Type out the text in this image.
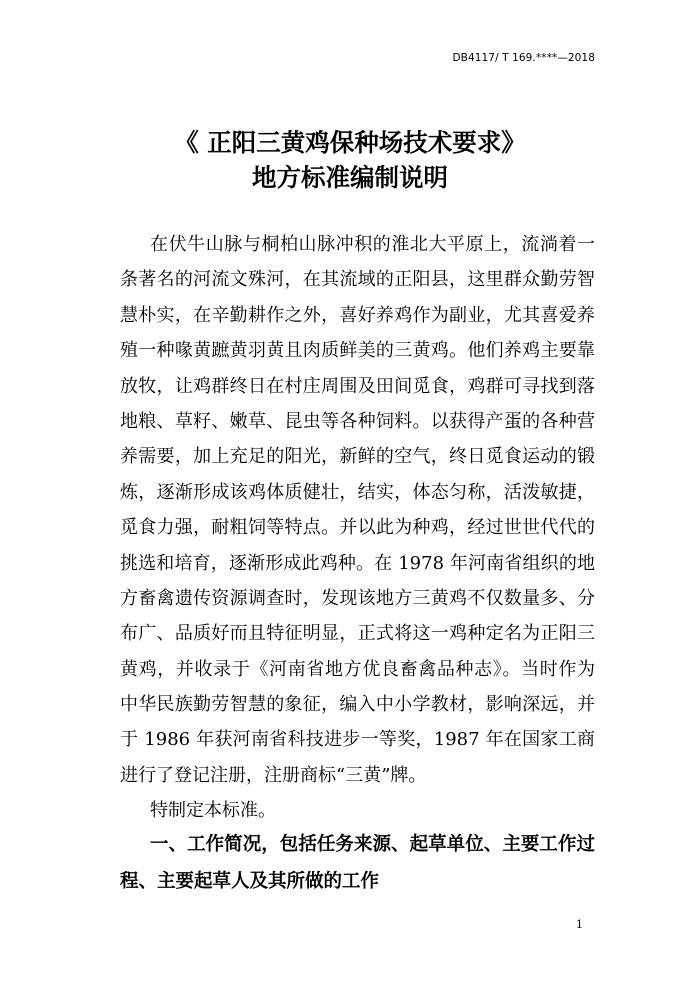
DB4117/ T 169.****—2018
《 正阳三黄鸡保种场技术要求》
地方标准编制说明
在伏牛山脉与桐柏山脉冲积的淮北大平原上，流淌着一
条著名的河流文殊河，在其流域的正阳县，这里群众勤劳智
慧朴实，在辛勤耕作之外，喜好养鸡作为副业，尤其喜爱养
殖一种喙黄蹠黄羽黄且肉质鲜美的三黄鸡。他们养鸡主要靠
放牧，让鸡群终日在村庄周围及田间觅食，鸡群可寻找到落
地粮、草籽、嫩草、昆虫等各种饲料。以获得产蛋的各种营
养需要，加上充足的阳光，新鲜的空气，终日觅食运动的锻
炼，逐渐形成该鸡体质健壮，结实，体态匀称，活泼敏捷，
觅食力强，耐粗饲等特点。并以此为种鸡，经过世世代代的
挑选和培育，逐渐形成此鸡种。在 1978 年河南省组织的地
方畜禽遗传资源调查时，发现该地方三黄鸡不仅数量多、分
布广、品质好而且特征明显，正式将这一鸡种定名为正阳三
黄鸡，并收录于《河南省地方优良畜禽品种志》。当时作为
中华民族勤劳智慧的象征，编入中小学教材，影响深远，并
于 1986 年获河南省科技进步一等奖，1987 年在国家工商
进行了登记注册，注册商标“三黄”牌。
特制定本标准。
一、工作简况，包括任务来源、起草单位、主要工作过
程、主要起草人及其所做的工作
1
